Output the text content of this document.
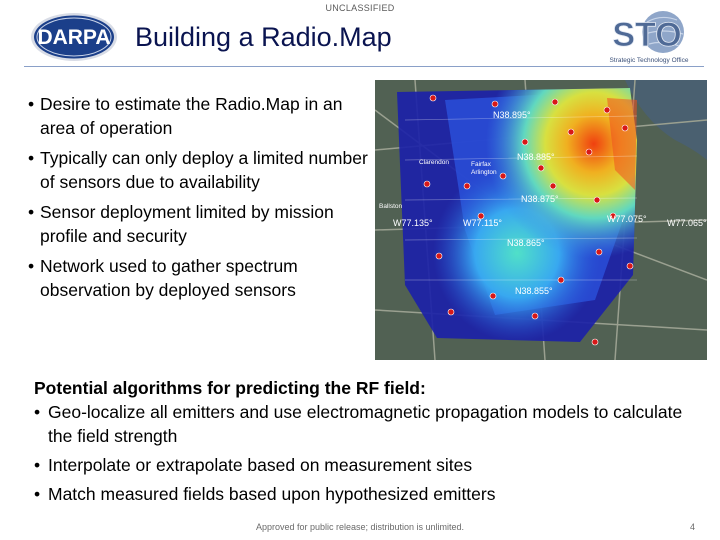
UNCLASSIFIED
DARPA Building a Radio.Map	STO
Strategic Technology Office
• Desire to estimate the Radio.Map in an area of operation
• Typically can only deploy a limited number of sensors due to availability
• Sensor deployment limited by mission profile and security
• Network used to gather spectrum observation by deployed sensors
N38.895°
N38.885°
N38.875°
N38.865°
N38.855°
W77.135°	W77.115°	W77.075° W77.065°
Fairfax
Arlington
Ballston
Clarendon
Potential algorithms for predicting the RF field:
• Geo-localize all emitters and use electromagnetic propagation models to calculate the field strength
• Interpolate or extrapolate based on measurement sites
• Match measured fields based upon hypothesized emitters
Approved for public release; distribution is unlimited.	4
